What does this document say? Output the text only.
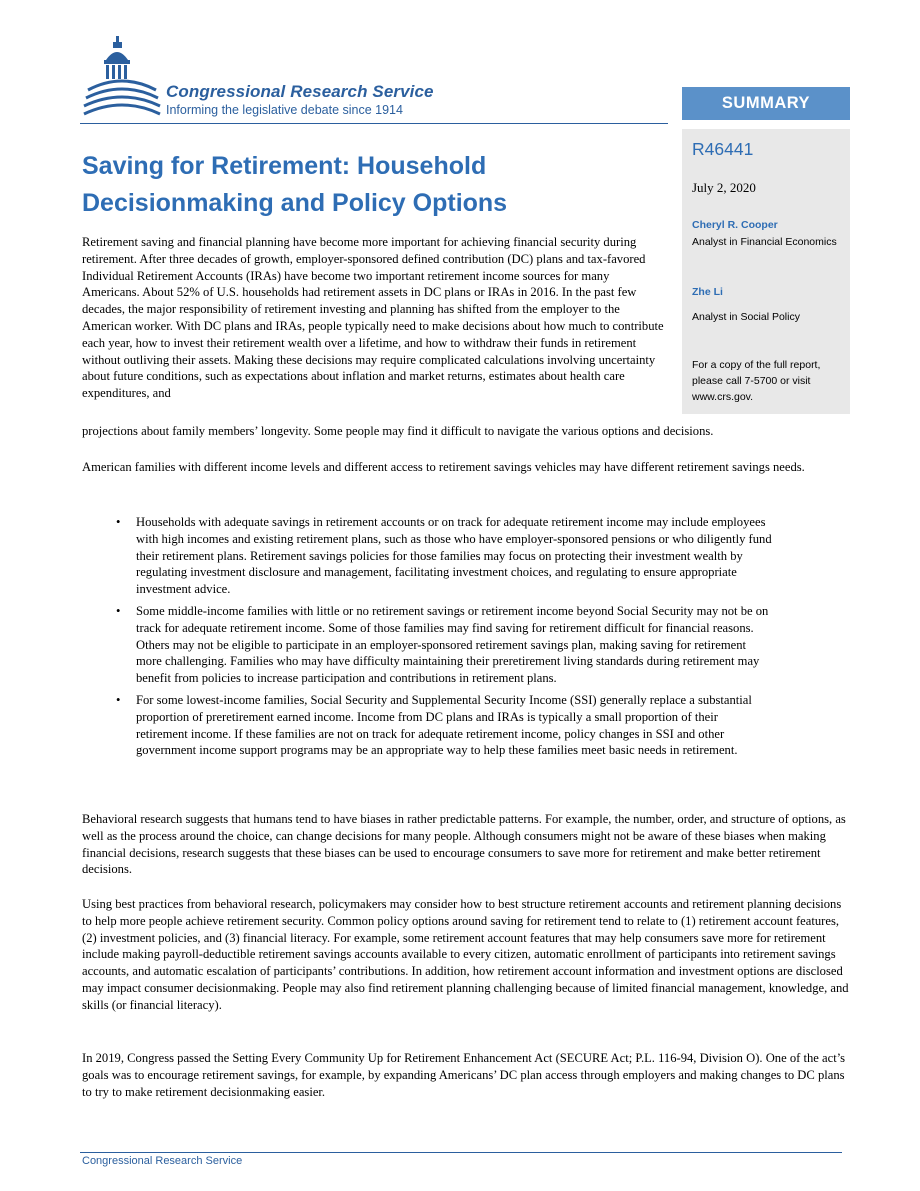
Congressional Research Service
Informing the legislative debate since 1914	SUMMARY
R46441
July 2, 2020
Cheryl R. Cooper
Analyst in Financial Economics
Zhe Li
Analyst in Social Policy
For a copy of the full report, please call 7-5700 or visit www.crs.gov.
Saving for Retirement: Household Decisionmaking and Policy Options

Retirement saving and financial planning have become more important for achieving financial security during retirement. After three decades of growth, employer-sponsored defined contribution (DC) plans and tax-favored Individual Retirement Accounts (IRAs) have become two important retirement income sources for many Americans. About 52% of U.S. households had retirement assets in DC plans or IRAs in 2016. In the past few decades, the major responsibility of retirement investing and planning has shifted from the employer to the American worker. With DC plans and IRAs, people typically need to make decisions about how much to contribute each year, how to invest their retirement wealth over a lifetime, and how to withdraw their funds in retirement without outliving their assets. Making these decisions may require complicated calculations involving uncertainty about future conditions, such as expectations about inflation and market returns, estimates about health care expenditures, and

projections about family members’ longevity. Some people may find it difficult to navigate the various options and decisions.

American families with different income levels and different access to retirement savings vehicles may have different retirement savings needs.

• Households with adequate savings in retirement accounts or on track for adequate retirement income may include employees with high incomes and existing retirement plans, such as those who have employer-sponsored pensions or who diligently fund their retirement plans. Retirement savings policies for those families may focus on protecting their investment wealth by regulating investment disclosure and management, facilitating investment choices, and regulating to ensure appropriate investment advice.
• Some middle-income families with little or no retirement savings or retirement income beyond Social Security may not be on track for adequate retirement income. Some of those families may find saving for retirement difficult for financial reasons. Others may not be eligible to participate in an employer-sponsored retirement savings plan, making saving for retirement more challenging. Families who may have difficulty maintaining their preretirement living standards during retirement may benefit from policies to increase participation and contributions in retirement plans.
• For some lowest-income families, Social Security and Supplemental Security Income (SSI) generally replace a substantial proportion of preretirement earned income. Income from DC plans and IRAs is typically a small proportion of their retirement income. If these families are not on track for adequate retirement income, policy changes in SSI and other government income support programs may be an appropriate way to help these families meet basic needs in retirement.

Behavioral research suggests that humans tend to have biases in rather predictable patterns. For example, the number, order, and structure of options, as well as the process around the choice, can change decisions for many people. Although consumers might not be aware of these biases when making financial decisions, research suggests that these biases can be used to encourage consumers to save more for retirement and make better retirement decisions.

Using best practices from behavioral research, policymakers may consider how to best structure retirement accounts and retirement planning decisions to help more people achieve retirement security. Common policy options around saving for retirement tend to relate to (1) retirement account features, (2) investment policies, and (3) financial literacy. For example, some retirement account features that may help consumers save more for retirement include making payroll-deductible retirement savings accounts available to every citizen, automatic enrollment of participants into retirement savings accounts, and automatic escalation of participants’ contributions. In addition, how retirement account information and investment options are disclosed may impact consumer decisionmaking. People may also find retirement planning challenging because of limited financial management, knowledge, and skills (or financial literacy).

In 2019, Congress passed the Setting Every Community Up for Retirement Enhancement Act (SECURE Act; P.L. 116-94, Division O). One of the act’s goals was to encourage retirement savings, for example, by expanding Americans’ DC plan access through employers and making changes to DC plans to try to make retirement decisionmaking easier.

Congressional Research Service
